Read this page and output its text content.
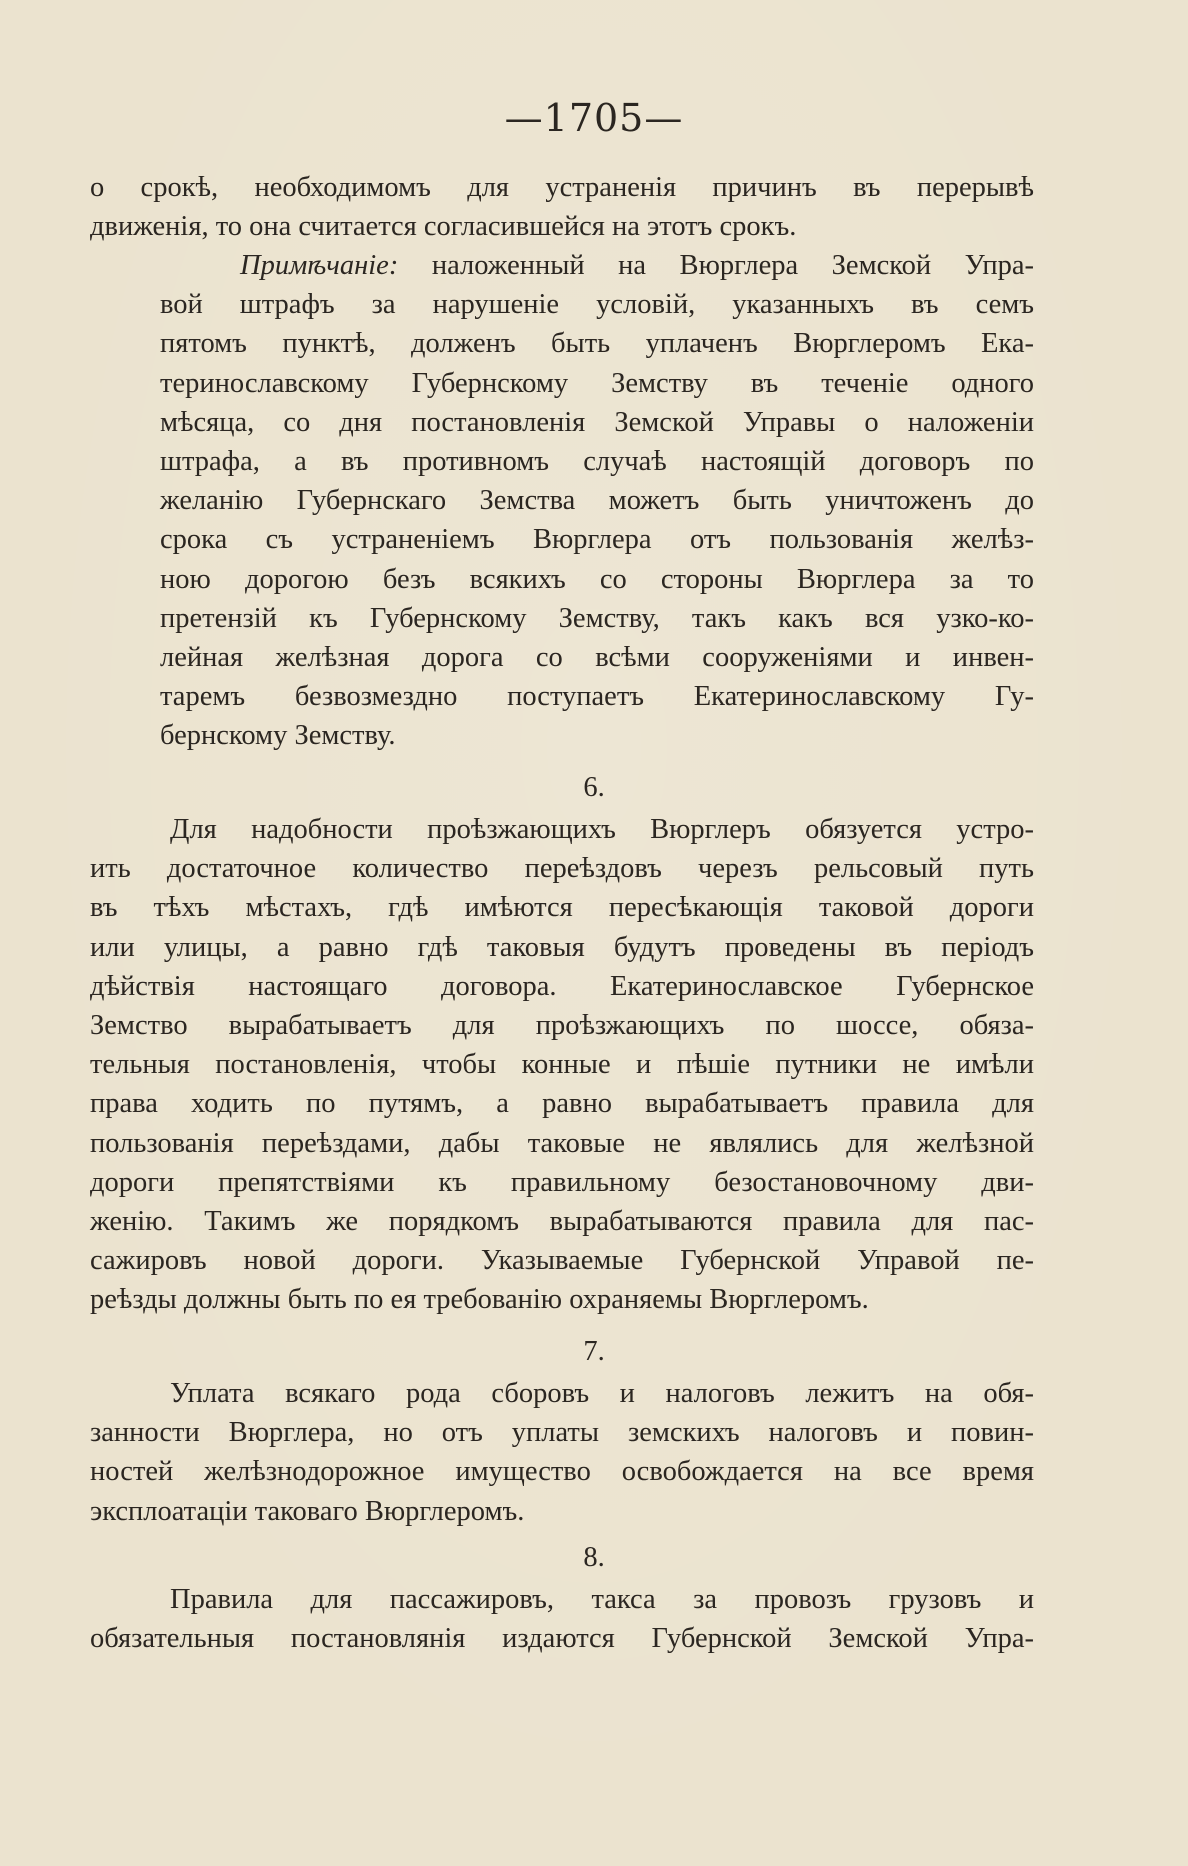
—1705—
о срокѣ, необходимомъ для устраненія причинъ въ перерывѣ
движенія, то она считается согласившейся на этотъ срокъ.
Примѣчаніе: наложенный на Вюрглера Земской Упра-
вой штрафъ за нарушеніе условій, указанныхъ въ семъ
пятомъ пунктѣ, долженъ быть уплаченъ Вюрглеромъ Ека-
теринославскому Губернскому Земству въ теченіе одного
мѣсяца, со дня постановленія Земской Управы о наложеніи
штрафа, а въ противномъ случаѣ настоящій договоръ по
желанію Губернскаго Земства можетъ быть уничтоженъ до
срока съ устраненіемъ Вюрглера отъ пользованія желѣз-
ною дорогою безъ всякихъ со стороны Вюрглера за то
претензій къ Губернскому Земству, такъ какъ вся узко-ко-
лейная желѣзная дорога со всѣми сооруженіями и инвен-
таремъ безвозмездно поступаетъ Екатеринославскому Гу-
бернскому Земству.
6.
Для надобности проѣзжающихъ Вюрглеръ обязуется устро-
ить достаточное количество переѣздовъ черезъ рельсовый путь
въ тѣхъ мѣстахъ, гдѣ имѣются пересѣкающія таковой дороги
или улицы, а равно гдѣ таковыя будутъ проведены въ періодъ
дѣйствія настоящаго договора. Екатеринославское Губернское
Земство вырабатываетъ для проѣзжающихъ по шоссе, обяза-
тельныя постановленія, чтобы конные и пѣшіе путники не имѣли
права ходить по путямъ, а равно вырабатываетъ правила для
пользованія переѣздами, дабы таковые не являлись для желѣзной
дороги препятствіями къ правильному безостановочному дви-
женію. Такимъ же порядкомъ вырабатываются правила для пас-
сажировъ новой дороги. Указываемые Губернской Управой пе-
реѣзды должны быть по ея требованію охраняемы Вюрглеромъ.
7.
Уплата всякаго рода сборовъ и налоговъ лежитъ на обя-
занности Вюрглера, но отъ уплаты земскихъ налоговъ и повин-
ностей желѣзнодорожное имущество освобождается на все время
эксплоатаціи таковаго Вюрглеромъ.
8.
Правила для пассажировъ, такса за провозъ грузовъ и
обязательныя постановлянія издаются Губернской Земской Упра-
